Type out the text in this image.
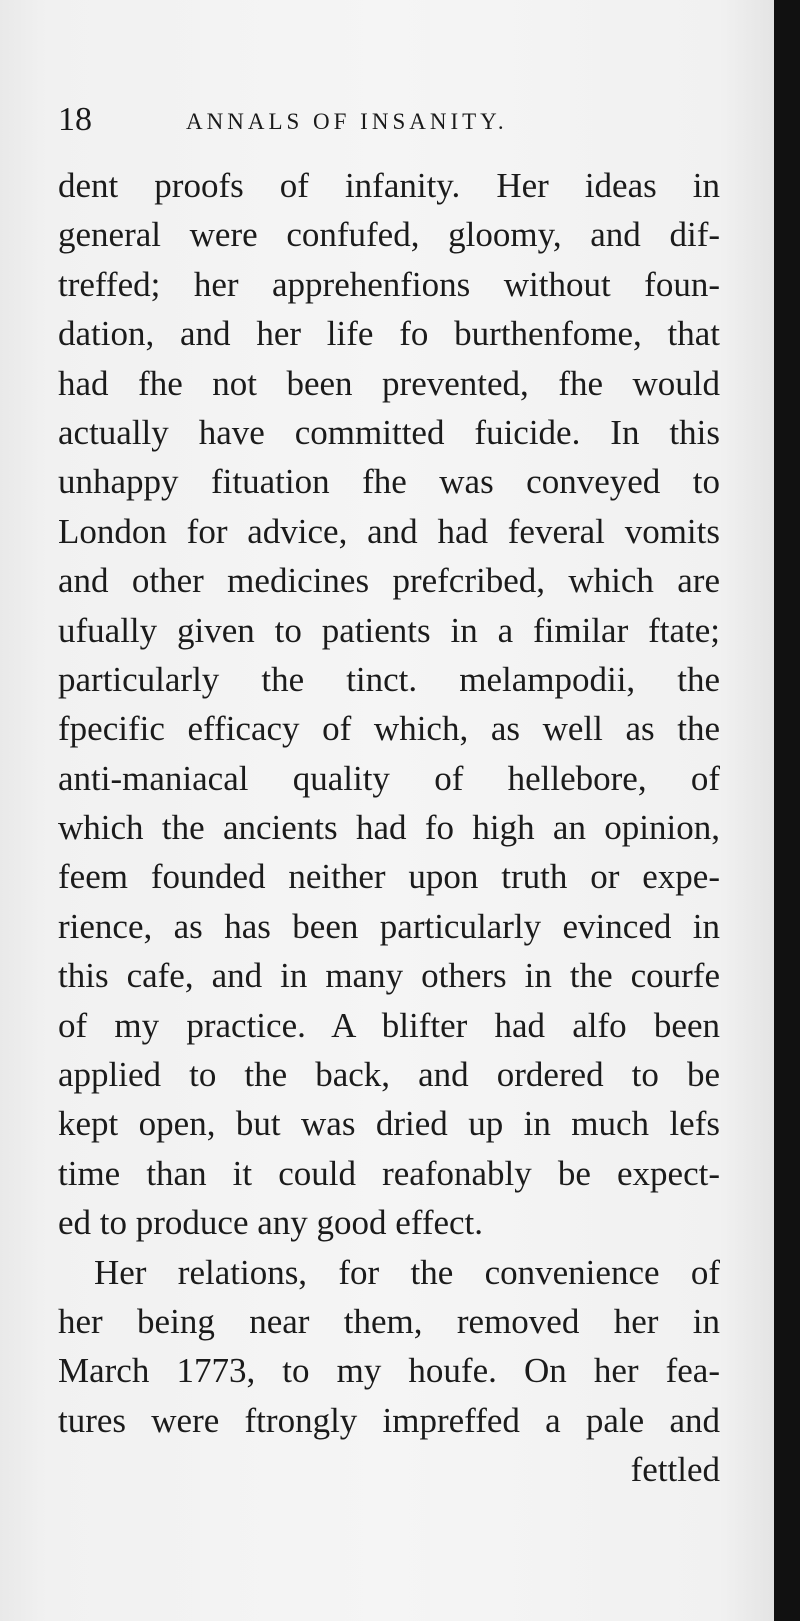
18	ANNALS OF INSANITY.
dent proofs of infanity. Her ideas in
general were confufed, gloomy, and dif-
treffed; her apprehenfions without foun-
dation, and her life fo burthenfome, that
had fhe not been prevented, fhe would
actually have committed fuicide. In this
unhappy fituation fhe was conveyed to
London for advice, and had feveral vomits
and other medicines prefcribed, which are
ufually given to patients in a fimilar ftate;
particularly the tinct. melampodii, the
fpecific efficacy of which, as well as the
anti-maniacal quality of hellebore, of
which the ancients had fo high an opinion,
feem founded neither upon truth or expe-
rience, as has been particularly evinced in
this cafe, and in many others in the courfe
of my practice. A blifter had alfo been
applied to the back, and ordered to be
kept open, but was dried up in much lefs
time than it could reafonably be expect-
ed to produce any good effect.
Her relations, for the convenience of
her being near them, removed her in
March 1773, to my houfe. On her fea-
tures were ftrongly impreffed a pale and
fettled
